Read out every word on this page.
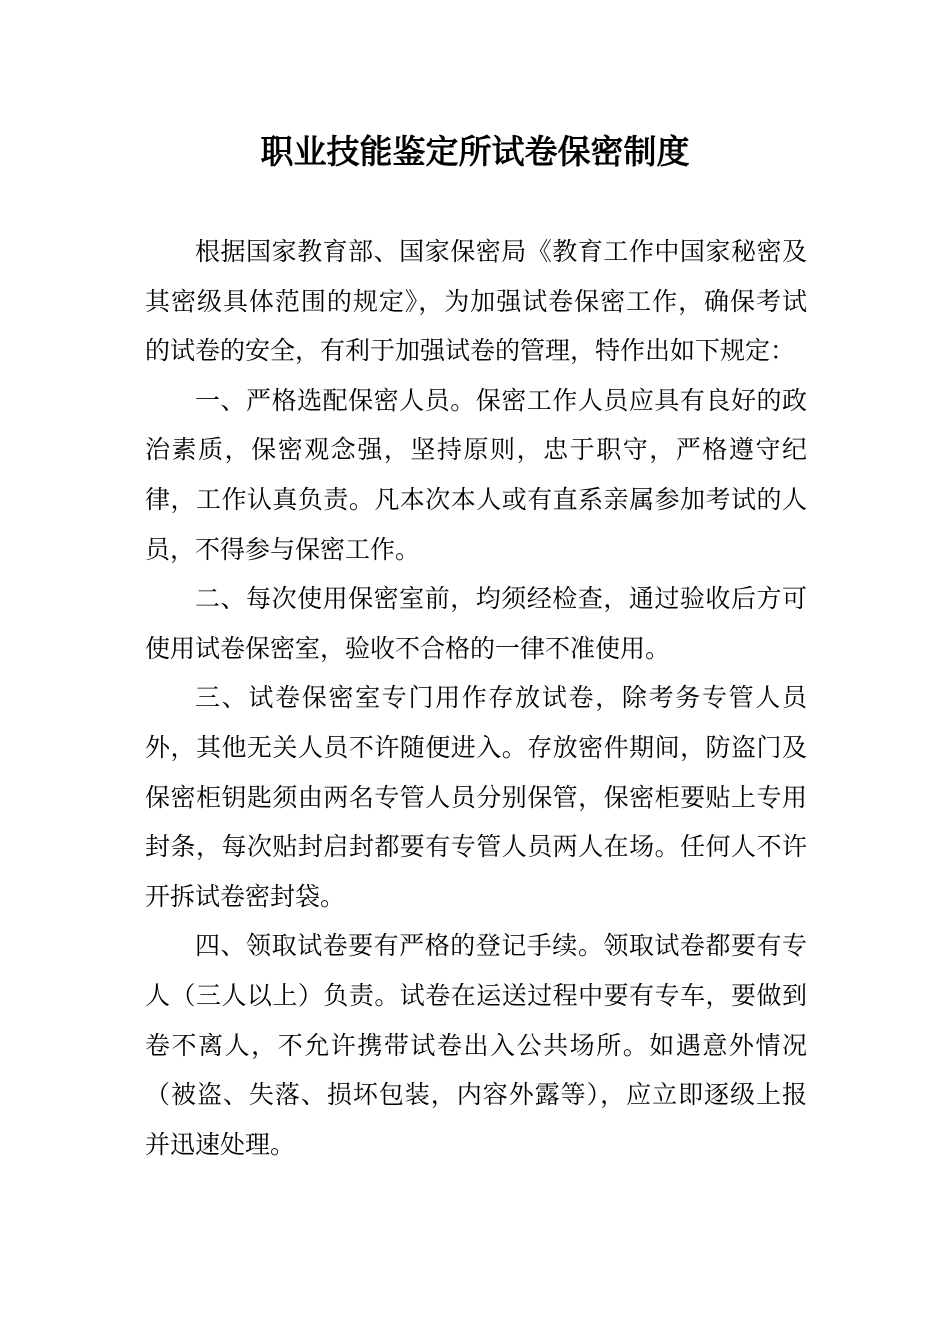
职业技能鉴定所试卷保密制度

根据国家教育部、国家保密局《教育工作中国家秘密及其密级具体范围的规定》，为加强试卷保密工作，确保考试的试卷的安全，有利于加强试卷的管理，特作出如下规定：

一、严格选配保密人员。保密工作人员应具有良好的政治素质，保密观念强，坚持原则，忠于职守，严格遵守纪律，工作认真负责。凡本次本人或有直系亲属参加考试的人员，不得参与保密工作。

二、每次使用保密室前，均须经检查，通过验收后方可使用试卷保密室，验收不合格的一律不准使用。

三、试卷保密室专门用作存放试卷，除考务专管人员外，其他无关人员不许随便进入。存放密件期间，防盗门及保密柜钥匙须由两名专管人员分别保管，保密柜要贴上专用封条，每次贴封启封都要有专管人员两人在场。任何人不许开拆试卷密封袋。

四、领取试卷要有严格的登记手续。领取试卷都要有专人（三人以上）负责。试卷在运送过程中要有专车，要做到卷不离人，不允许携带试卷出入公共场所。如遇意外情况（被盗、失落、损坏包装，内容外露等），应立即逐级上报并迅速处理。
